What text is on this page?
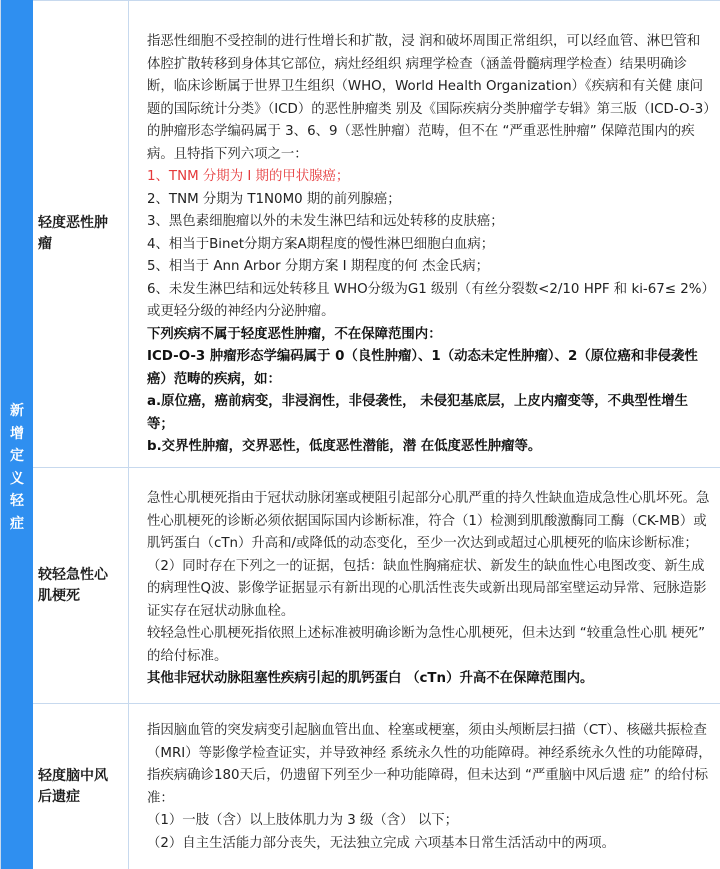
新增定义轻症
轻度恶性肿瘤

指恶性细胞不受控制的进行性增长和扩散，浸 润和破坏周围正常组织，可以经血管、淋巴管和体腔扩散转移到身体其它部位，病灶经组织 病理学检查（涵盖骨髓病理学检查）结果明确诊断，临床诊断属于世界卫生组织（WHO，World Health Organization）《疾病和有关健 康问题的国际统计分类》（ICD）的恶性肿瘤类 别及《国际疾病分类肿瘤学专辑》第三版（ICD-O-3）的肿瘤形态学编码属于 3、6、9（恶性肿瘤）范畴，但不在 “严重恶性肿瘤” 保障范围内的疾病。且特指下列六项之一：

1、TNM 分期为 I 期的甲状腺癌；

2、TNM 分期为 T1N0M0 期的前列腺癌；

3、黑色素细胞瘤以外的未发生淋巴结和远处转移的皮肤癌；

4、相当于Binet分期方案A期程度的慢性淋巴细胞白血病；

5、相当于 Ann Arbor 分期方案 I 期程度的何 杰金氏病；

6、未发生淋巴结和远处转移且 WHO分级为G1 级别（有丝分裂数<2/10 HPF 和 ki-67≤ 2%）或更轻分级的神经内分泌肿瘤。

下列疾病不属于轻度恶性肿瘤，不在保障范围内：

ICD-O-3 肿瘤形态学编码属于 0（良性肿瘤）、1（动态未定性肿瘤）、2（原位癌和非侵袭性 癌）范畴的疾病，如：

a.原位癌，癌前病变，非浸润性，非侵袭性， 未侵犯基底层，上皮内瘤变等，不典型性增生等；

b.交界性肿瘤，交界恶性，低度恶性潜能，潜 在低度恶性肿瘤等。

较轻急性心肌梗死

急性心肌梗死指由于冠状动脉闭塞或梗阻引起部分心肌严重的持久性缺血造成急性心肌坏死。急性心肌梗死的诊断必须依据国际国内诊断标准，符合（1）检测到肌酸激酶同工酶（CK-MB）或肌钙蛋白（cTn）升高和/或降低的动态变化，至少一次达到或超过心肌梗死的临床诊断标准；（2）同时存在下列之一的证据，包括：缺血性胸痛症状、新发生的缺血性心电图改变、新生成的病理性Q波、影像学证据显示有新出现的心肌活性丧失或新出现局部室壁运动异常、冠脉造影证实存在冠状动脉血栓。

较轻急性心肌梗死指依照上述标准被明确诊断为急性心肌梗死，但未达到 “较重急性心肌 梗死” 的给付标准。

其他非冠状动脉阻塞性疾病引起的肌钙蛋白 （cTn）升高不在保障范围内。

轻度脑中风后遗症

指因脑血管的突发病变引起脑血管出血、栓塞或梗塞，须由头颅断层扫描（CT）、核磁共振检查（MRI）等影像学检查证实，并导致神经 系统永久性的功能障碍。神经系统永久性的功能障碍，指疾病确诊180天后，仍遗留下列至少一种功能障碍，但未达到 “严重脑中风后遗 症” 的给付标准：

（1）一肢（含）以上肢体肌力为 3 级（含） 以下；

（2）自主生活能力部分丧失，无法独立完成 六项基本日常生活活动中的两项。
